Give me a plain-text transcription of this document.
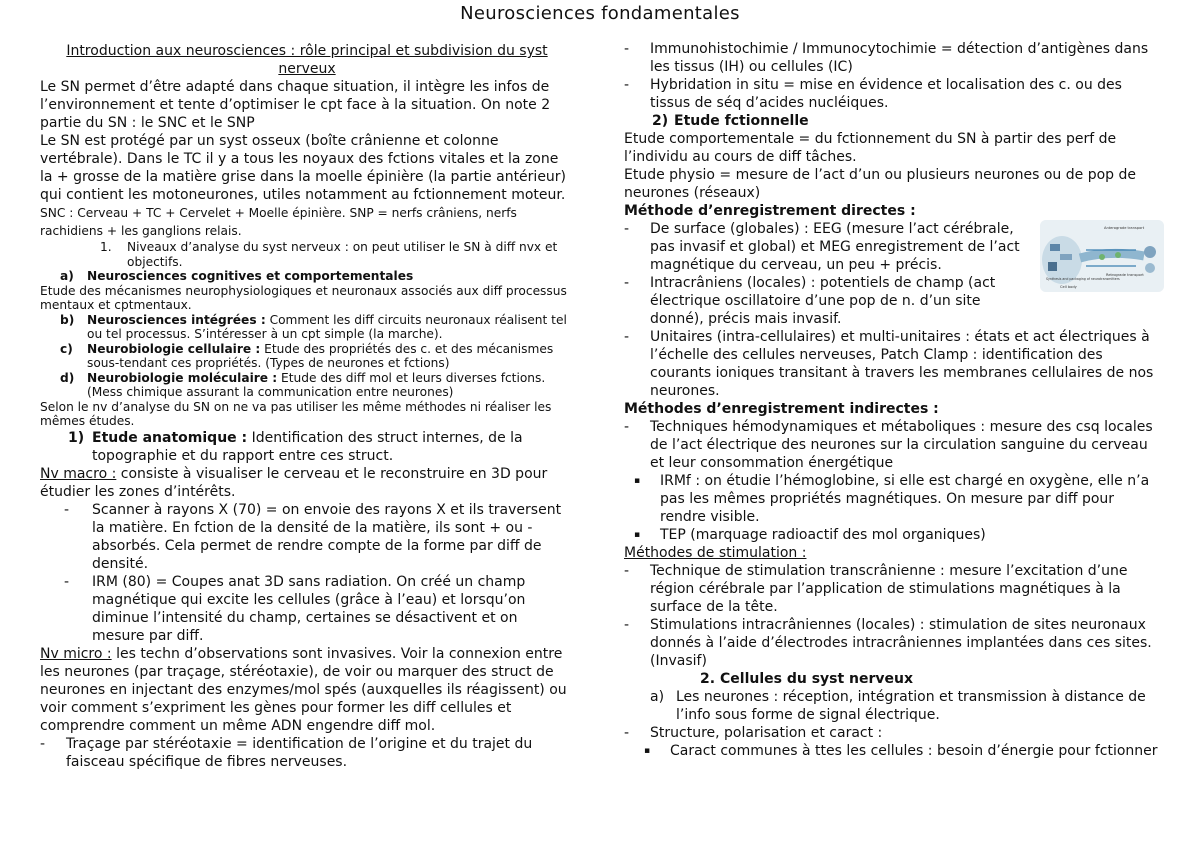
Neurosciences fondamentales

Introduction aux neurosciences : rôle principal et subdivision du syst nerveux

Le SN permet d’être adapté dans chaque situation, il intègre les infos de l’environnement et tente d’optimiser le cpt face à la situation. On note 2 partie du SN : le SNC et le SNP

Le SN est protégé par un syst osseux (boîte crânienne et colonne vertébrale). Dans le TC il y a tous les noyaux des fctions vitales et la zone la + grosse de la matière grise dans la moelle épinière (la partie antérieur) qui contient les motoneurones, utiles notamment au fctionnement moteur. SNC : Cerveau + TC + Cervelet + Moelle épinière. SNP = nerfs crâniens, nerfs rachidiens + les ganglions relais.

1.	Niveaux d’analyse du syst nerveux : on peut utiliser le SN à diff nvx et objectifs.
a)	Neurosciences cognitives et comportementales

Etude des mécanismes neurophysiologiques et neuronaux associés aux diff processus mentaux et cptmentaux.

b)	Neurosciences intégrées : Comment les diff circuits neuronaux réalisent tel ou tel processus. S’intéresser à un cpt simple (la marche).
c)	Neurobiologie cellulaire : Etude des propriétés des c. et des mécanismes sous-tendant ces propriétés. (Types de neurones et fctions)
d)	Neurobiologie moléculaire : Etude des diff mol et leurs diverses fctions. (Mess chimique assurant la communication entre neurones)

Selon le nv d’analyse du SN on ne va pas utiliser les même méthodes ni réaliser les mêmes études.

1) Etude anatomique : Identification des struct internes, de la topographie et du rapport entre ces struct.

Nv macro : consiste à visualiser le cerveau et le reconstruire en 3D pour étudier les zones d’intérêts.

-	Scanner à rayons X (70) = on envoie des rayons X et ils traversent la matière. En fction de la densité de la matière, ils sont + ou - absorbés. Cela permet de rendre compte de la forme par diff de densité.
-	IRM (80) = Coupes anat 3D sans radiation. On créé un champ magnétique qui excite les cellules (grâce à l’eau) et lorsqu’on diminue l’intensité du champ, certaines se désactivent et on mesure par diff.

Nv micro : les techn d’observations sont invasives. Voir la connexion entre les neurones (par traçage, stéréotaxie), de voir ou marquer des struct de neurones en injectant des enzymes/mol spés (auxquelles ils réagissent) ou voir comment s’expriment les gènes pour former les diff cellules et comprendre comment un même ADN engendre diff mol.

-	Traçage par stéréotaxie = identification de l’origine et du trajet du faisceau spécifique de fibres nerveuses.
-	Immunohistochimie / Immunocytochimie = détection d’antigènes dans les tissus (IH) ou cellules (IC)
-	Hybridation in situ = mise en évidence et localisation des c. ou des tissus de séq d’acides nucléiques.
2) Etude fctionnelle

Etude comportementale = du fctionnement du SN à partir des perf de l’individu au cours de diff tâches.

Etude physio = mesure de l’act d’un ou plusieurs neurones ou de pop de neurones (réseaux)

Méthode d’enregistrement directes :

-	De surface (globales) : EEG (mesure l’act cérébrale, pas invasif et global) et MEG enregistrement de l’act magnétique du cerveau, un peu + précis.
-	Intracrâniens (locales) : potentiels de champ (act électrique oscillatoire d’une pop de n. d’un site donné), précis mais invasif.
-	Unitaires (intra-cellulaires) et multi-unitaires : états et act électriques à l’échelle des cellules nerveuses, Patch Clamp : identification des courants ioniques transitant à travers les membranes cellulaires de nos neurones.

Méthodes d’enregistrement indirectes :

-	Techniques hémodynamiques et métaboliques : mesure des csq locales de l’act électrique des neurones sur la circulation sanguine du cerveau et leur consommation énergétique
▪	IRMf : on étudie l’hémoglobine, si elle est chargé en oxygène, elle n’a pas les mêmes propriétés magnétiques. On mesure par diff pour rendre visible.
▪	TEP (marquage radioactif des mol organiques)

Méthodes de stimulation :

-	Technique de stimulation transcrânienne : mesure l’excitation d’une région cérébrale par l’application de stimulations magnétiques à la surface de la tête.
-	Stimulations intracrâniennes (locales) : stimulation de sites neuronaux donnés à l’aide d’électrodes intracrâniennes implantées dans ces sites. (Invasif)
2. Cellules du syst nerveux
a) Les neurones : réception, intégration et transmission à distance de l’info sous forme de signal électrique.
-	Structure, polarisation et caract :
▪	Caract communes à ttes les cellules : besoin d’énergie pour fctionner
Anterograde transport
Synthesis and packaging of neurotransmitters
Retrograde transport
Cell body
